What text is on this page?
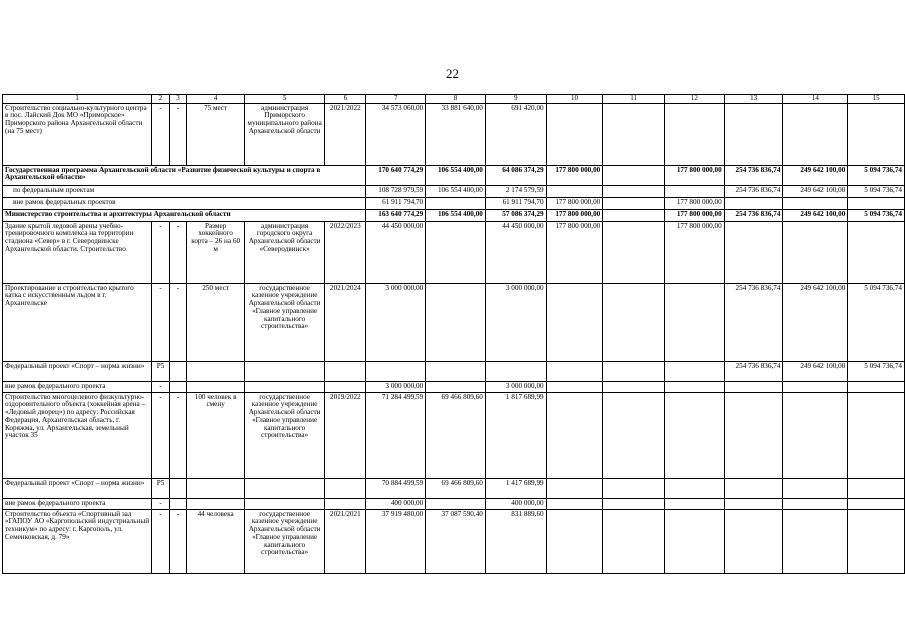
22
1	2	3	4	5	6	7	8	9	10	11	12	13	14	15
Строительство социально-культурного центра в пос. Лайский Док МО «Приморское» Приморского района Архангельской области (на 75 мест)	-	-	75 мест	администрация Приморского муниципального района Архангельской области	2021/2022	34 573 060,00	33 881 640,00	691 420,00						
Государственная программа Архангельской области «Развитие физической культуры и спорта в Архангельской области»						170 640 774,29	106 554 400,00	64 086 374,29	177 800 000,00		177 800 000,00	254 736 836,74	249 642 100,00	5 094 736,74
по федеральным проектам						108 728 979,59	106 554 400,00	2 174 579,59				254 736 836,74	249 642 100,00	5 094 736,74
вне рамок федеральных проектов						61 911 794,70		61 911 794,70	177 800 000,00		177 800 000,00			
Министерство строительства и архитектуры Архангельской области						163 640 774,29	106 554 400,00	57 086 374,29	177 800 000,00		177 800 000,00	254 736 836,74	249 642 100,00	5 094 736,74
Здание крытой ледовой арены учебно-тренировочного комплекса на территории стадиона «Север» в г. Северодвинске Архангельской области. Строительство	-	-	Размер хоккейного корта – 26 на 60 м	администрация городского округа Архангельской области «Северодвинск»	2022/2023	44 450 000,00		44 450 000,00	177 800 000,00		177 800 000,00			
Проектирование и строительство крытого катка с искусственным льдом в г. Архангельске	-	-	250 мест	государственное казенное учреждение Архангельской области «Главное управление капитального строительства»	2021/2024	3 000 000,00		3 000 000,00				254 736 836,74	249 642 100,00	5 094 736,74
Федеральный проект «Спорт – норма жизни»	P5											254 736 836,74	249 642 100,00	5 094 736,74
вне рамок федерального проекта	-					3 000 000,00		3 000 000,00						
Строительство многоцелевого физкультурно-оздоровительного объекта (хоккейная арена – «Ледовый дворец») по адресу: Российская Федерация, Архангельская область, г. Коряжма, ул. Архангельская, земельный участок 35	-	-	100 человек в смену	государственное казенное учреждение Архангельской области «Главное управление капитального строительства»	2019/2022	71 284 499,59	69 466 809,60	1 817 689,99						
Федеральный проект «Спорт – норма жизни»	P5					70 884 499,59	69 466 809,60	1 417 689,99						
вне рамок федерального проекта	-					400 000,00		400 000,00						
Строительство объекта «Спортивный зал «ГАПОУ АО «Каргопольский индустриальный техникум» по адресу: г. Каргополь, ул. Семенковская, д. 79»	-	-	44 человека	государственное казенное учреждение Архангельской области «Главное управление капитального строительства»	2021/2021	37 919 480,00	37 087 590,40	831 889,60						
